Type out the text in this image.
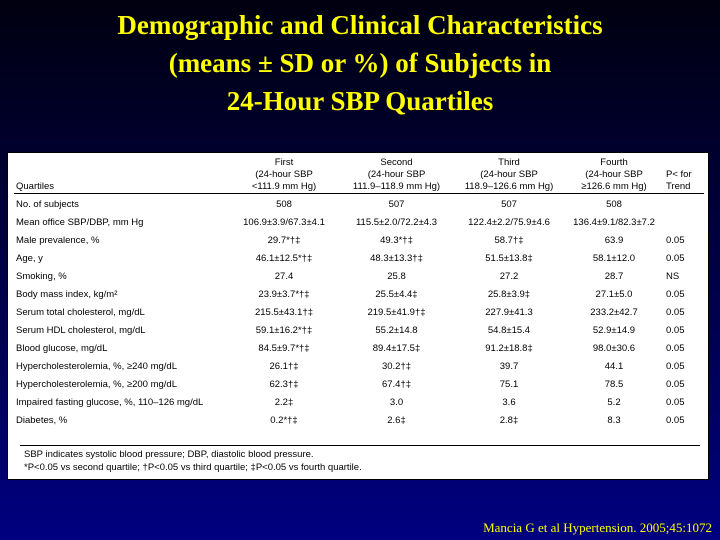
Demographic and Clinical Characteristics
(means ± SD or %) of Subjects in
24-Hour SBP Quartiles
	First	Second	Third	Fourth	
	(24-hour SBP	(24-hour SBP	(24-hour SBP	(24-hour SBP	P< for
Quartiles	<111.9 mm Hg)	111.9–118.9 mm Hg)	118.9–126.6 mm Hg)	≥126.6 mm Hg)	Trend
No. of subjects	508	507	507	508	
Mean office SBP/DBP, mm Hg	106.9±3.9/67.3±4.1	115.5±2.0/72.2±4.3	122.4±2.2/75.9±4.6	136.4±9.1/82.3±7.2	
Male prevalence, %	29.7*†‡	49.3*†‡	58.7†‡	63.9	0.05
Age, y	46.1±12.5*†‡	48.3±13.3†‡	51.5±13.8‡	58.1±12.0	0.05
Smoking, %	27.4	25.8	27.2	28.7	NS
Body mass index, kg/m²	23.9±3.7*†‡	25.5±4.4‡	25.8±3.9‡	27.1±5.0	0.05
Serum total cholesterol, mg/dL	215.5±43.1†‡	219.5±41.9†‡	227.9±41.3	233.2±42.7	0.05
Serum HDL cholesterol, mg/dL	59.1±16.2*†‡	55.2±14.8	54.8±15.4	52.9±14.9	0.05
Blood glucose, mg/dL	84.5±9.7*†‡	89.4±17.5‡	91.2±18.8‡	98.0±30.6	0.05
Hypercholesterolemia, %, ≥240 mg/dL	26.1†‡	30.2†‡	39.7	44.1	0.05
Hypercholesterolemia, %, ≥200 mg/dL	62.3†‡	67.4†‡	75.1	78.5	0.05
Impaired fasting glucose, %, 110–126 mg/dL	2.2‡	3.0	3.6	5.2	0.05
Diabetes, %	0.2*†‡	2.6‡	2.8‡	8.3	0.05
SBP indicates systolic blood pressure; DBP, diastolic blood pressure.
*P<0.05 vs second quartile; †P<0.05 vs third quartile; ‡P<0.05 vs fourth quartile.
Mancia G et al Hypertension. 2005;45:1072
